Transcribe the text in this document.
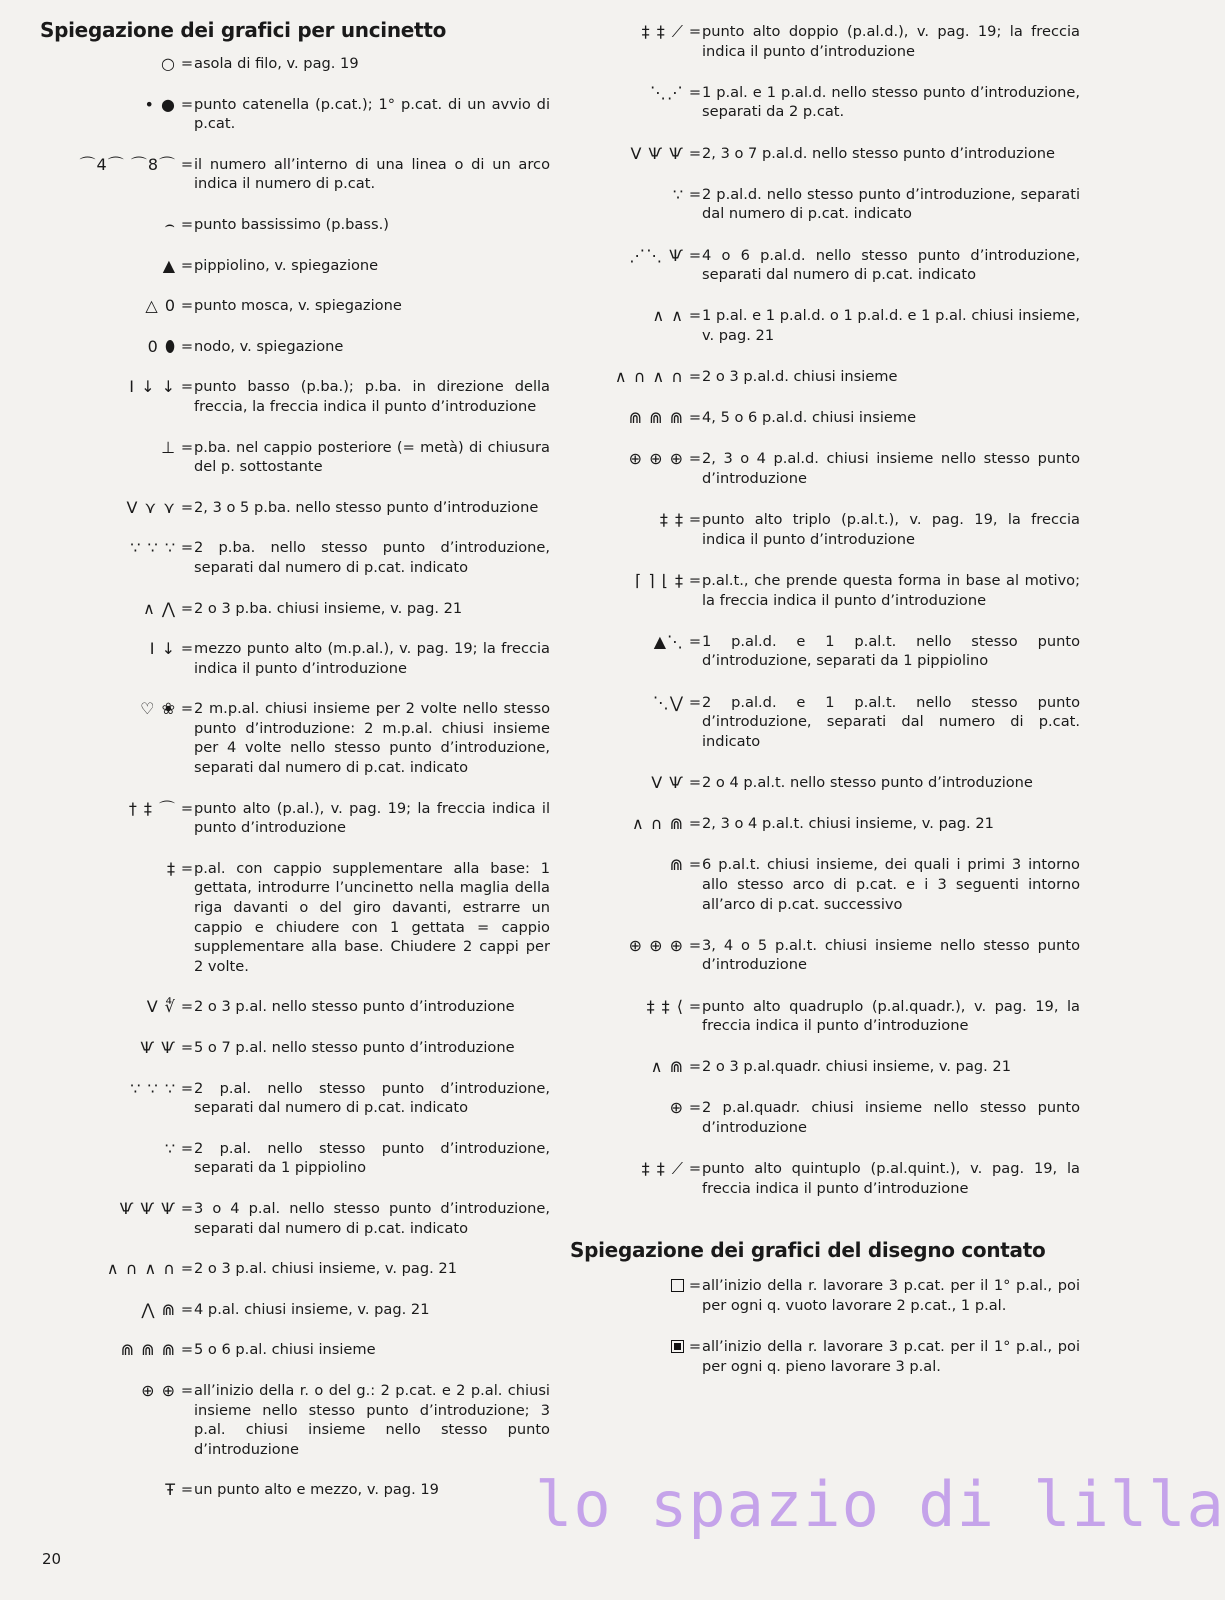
Spiegazione dei grafici per uncinetto
○ = asola di filo, v. pag. 19
• ● = punto catenella (p.cat.); 1° p.cat. di un avvio di p.cat.
⌒4⌒ ⌒8⌒ = il numero all’interno di una linea o di un arco indica il numero di p.cat.
⌢ = punto bassissimo (p.bass.)
▲ = pippiolino, v. spiegazione
△ 0 = punto mosca, v. spiegazione
0 ⬮ = nodo, v. spiegazione
I ↓ ↓ = punto basso (p.ba.); p.ba. in direzione della freccia, la freccia indica il punto d’introduzione
⊥ = p.ba. nel cappio posteriore (= metà) di chiusura del p. sottostante
V ⋎ ⋎ = 2, 3 o 5 p.ba. nello stesso punto d’introduzione
∵ ∵ ∵ = 2 p.ba. nello stesso punto d’introduzione, separati dal numero di p.cat. indicato
∧ ⋀ = 2 o 3 p.ba. chiusi insieme, v. pag. 21
I ↓ = mezzo punto alto (m.p.al.), v. pag. 19; la freccia indica il punto d’introduzione
♡ ❀ = 2 m.p.al. chiusi insieme per 2 volte nello stesso punto d’introduzione: 2 m.p.al. chiusi insieme per 4 volte nello stesso punto d’introduzione, separati dal numero di p.cat. indicato
† ‡ ⌒ = punto alto (p.al.), v. pag. 19; la freccia indica il punto d’introduzione
‡ = p.al. con cappio supplementare alla base: 1 gettata, introdurre l’uncinetto nella maglia della riga davanti o del giro davanti, estrarre un cappio e chiudere con 1 gettata = cappio supplementare alla base. Chiudere 2 cappi per 2 volte.
V ∜ = 2 o 3 p.al. nello stesso punto d’introduzione
Ѱ Ѱ = 5 o 7 p.al. nello stesso punto d’introduzione
∵ ∵ ∵ = 2 p.al. nello stesso punto d’introduzione, separati dal numero di p.cat. indicato
∵ = 2 p.al. nello stesso punto d’introduzione, separati da 1 pippiolino
Ѱ Ѱ Ѱ = 3 o 4 p.al. nello stesso punto d’introduzione, separati dal numero di p.cat. indicato
∧ ∩ ∧ ∩ = 2 o 3 p.al. chiusi insieme, v. pag. 21
⋀ ⋒ = 4 p.al. chiusi insieme, v. pag. 21
⋒ ⋒ ⋒ = 5 o 6 p.al. chiusi insieme
⊕ ⊕ = all’inizio della r. o del g.: 2 p.cat. e 2 p.al. chiusi insieme nello stesso punto d’introduzione; 3 p.al. chiusi insieme nello stesso punto d’introduzione
Ŧ = un punto alto e mezzo, v. pag. 19
‡ ‡ ⟋ = punto alto doppio (p.al.d.), v. pag. 19; la freccia indica il punto d’introduzione
⋱⋰ = 1 p.al. e 1 p.al.d. nello stesso punto d’introduzione, separati da 2 p.cat.
V Ѱ Ѱ = 2, 3 o 7 p.al.d. nello stesso punto d’introduzione
∵ = 2 p.al.d. nello stesso punto d’introduzione, separati dal numero di p.cat. indicato
⋰⋱ Ѱ = 4 o 6 p.al.d. nello stesso punto d’introduzione, separati dal numero di p.cat. indicato
∧ ∧ = 1 p.al. e 1 p.al.d. o 1 p.al.d. e 1 p.al. chiusi insieme, v. pag. 21
∧ ∩ ∧ ∩ = 2 o 3 p.al.d. chiusi insieme
⋒ ⋒ ⋒ = 4, 5 o 6 p.al.d. chiusi insieme
⊕ ⊕ ⊕ = 2, 3 o 4 p.al.d. chiusi insieme nello stesso punto d’introduzione
‡ ‡ = punto alto triplo (p.al.t.), v. pag. 19, la freccia indica il punto d’introduzione
⌈ ⌉ ⌊ ‡ = p.al.t., che prende questa forma in base al motivo; la freccia indica il punto d’introduzione
▲⋱ = 1 p.al.d. e 1 p.al.t. nello stesso punto d’introduzione, separati da 1 pippiolino
⋱⋁ = 2 p.al.d. e 1 p.al.t. nello stesso punto d’introduzione, separati dal numero di p.cat. indicato
V Ѱ = 2 o 4 p.al.t. nello stesso punto d’introduzione
∧ ∩ ⋒ = 2, 3 o 4 p.al.t. chiusi insieme, v. pag. 21
⋒ = 6 p.al.t. chiusi insieme, dei quali i primi 3 intorno allo stesso arco di p.cat. e i 3 seguenti intorno all’arco di p.cat. successivo
⊕ ⊕ ⊕ = 3, 4 o 5 p.al.t. chiusi insieme nello stesso punto d’introduzione
‡ ‡ ⟨ = punto alto quadruplo (p.al.quadr.), v. pag. 19, la freccia indica il punto d’introduzione
∧ ⋒ = 2 o 3 p.al.quadr. chiusi insieme, v. pag. 21
⊕ = 2 p.al.quadr. chiusi insieme nello stesso punto d’introduzione
‡ ‡ ⟋ = punto alto quintuplo (p.al.quint.), v. pag. 19, la freccia indica il punto d’introduzione
Spiegazione dei grafici del disegno contato
= all’inizio della r. lavorare 3 p.cat. per il 1° p.al., poi per ogni q. vuoto lavorare 2 p.cat., 1 p.al.
= all’inizio della r. lavorare 3 p.cat. per il 1° p.al., poi per ogni q. pieno lavorare 3 p.al.
20
lo spazio di lilla
